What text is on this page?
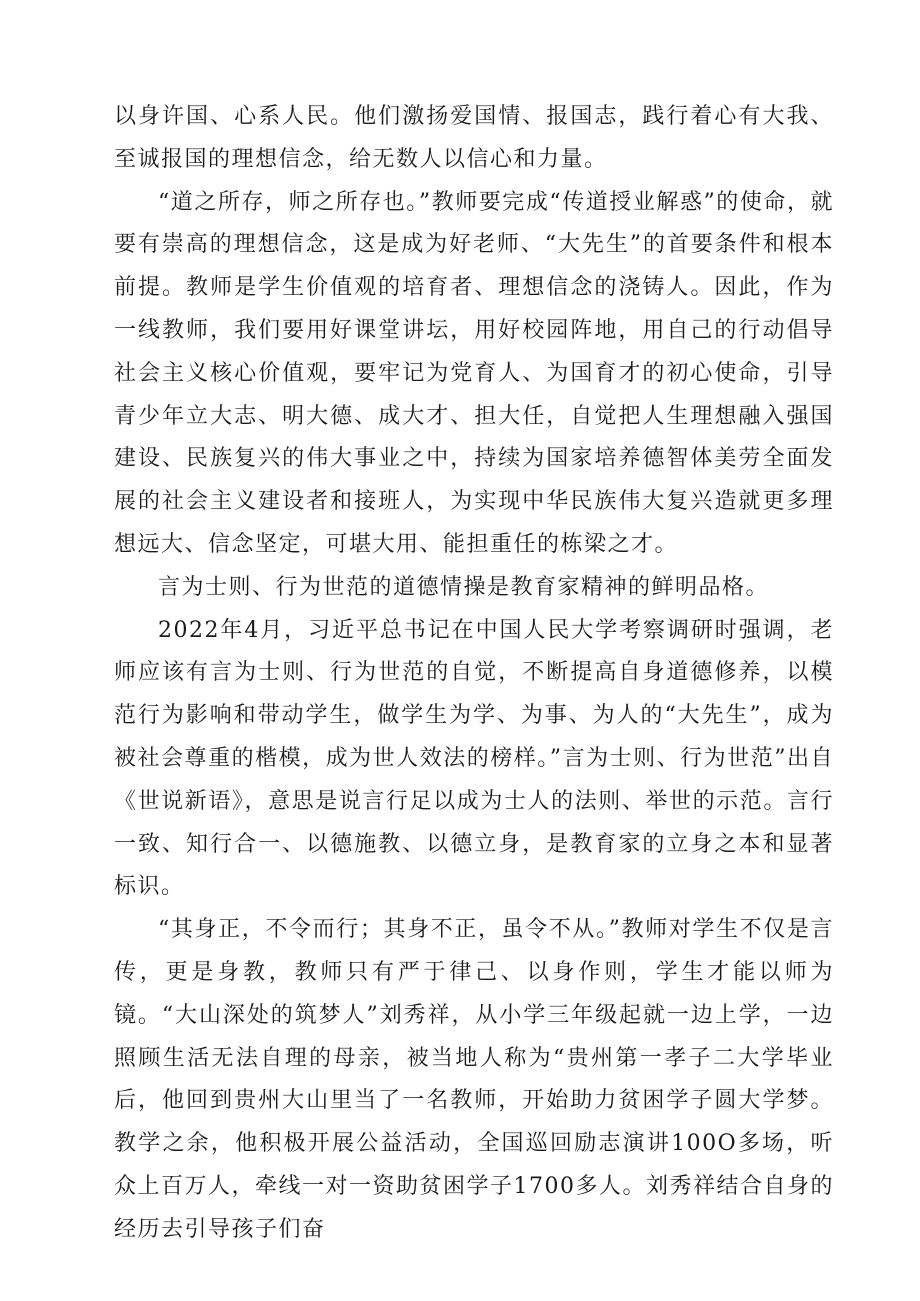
以身许国、心系人民。他们激扬爱国情、报国志，践行着心有大我、至诚报国的理想信念，给无数人以信心和力量。

“道之所存，师之所存也。”教师要完成“传道授业解惑”的使命，就要有崇高的理想信念，这是成为好老师、“大先生”的首要条件和根本前提。教师是学生价值观的培育者、理想信念的浇铸人。因此，作为一线教师，我们要用好课堂讲坛，用好校园阵地，用自己的行动倡导社会主义核心价值观，要牢记为党育人、为国育才的初心使命，引导青少年立大志、明大德、成大才、担大任，自觉把人生理想融入强国建设、民族复兴的伟大事业之中，持续为国家培养德智体美劳全面发展的社会主义建设者和接班人，为实现中华民族伟大复兴造就更多理想远大、信念坚定，可堪大用、能担重任的栋梁之才。

言为士则、行为世范的道德情操是教育家精神的鲜明品格。

2022年4月，习近平总书记在中国人民大学考察调研时强调，老师应该有言为士则、行为世范的自觉，不断提高自身道德修养，以模范行为影响和带动学生，做学生为学、为事、为人的“大先生”，成为被社会尊重的楷模，成为世人效法的榜样。”言为士则、行为世范”出自《世说新语》，意思是说言行足以成为士人的法则、举世的示范。言行一致、知行合一、以德施教、以德立身，是教育家的立身之本和显著标识。

“其身正，不令而行；其身不正，虽令不从。”教师对学生不仅是言传，更是身教，教师只有严于律己、以身作则，学生才能以师为镜。“大山深处的筑梦人”刘秀祥，从小学三年级起就一边上学，一边照顾生活无法自理的母亲，被当地人称为“贵州第一孝子二大学毕业后，他回到贵州大山里当了一名教师，开始助力贫困学子圆大学梦。教学之余，他积极开展公益活动，全国巡回励志演讲100O多场，听众上百万人，牵线一对一资助贫困学子1700多人。刘秀祥结合自身的经历去引导孩子们奋
